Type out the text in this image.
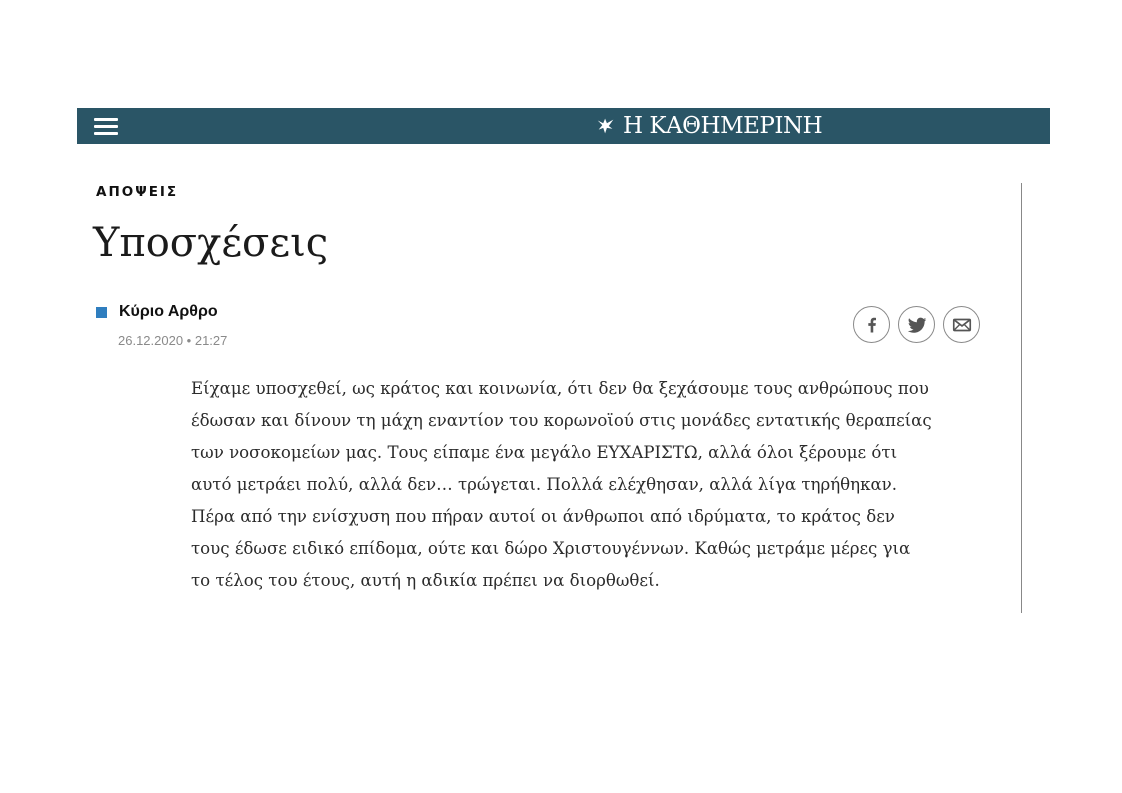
Η ΚΑΘΗΜΕΡΙΝΗ
ΑΠΟΨΕΙΣ
Υποσχέσεις
Κύριο Αρθρο
26.12.2020 • 21:27

Είχαμε υποσχεθεί, ως κράτος και κοινωνία, ότι δεν θα ξεχάσουμε τους ανθρώπους που
έδωσαν και δίνουν τη μάχη εναντίον του κορωνοϊού στις μονάδες εντατικής θεραπείας
των νοσοκομείων μας. Τους είπαμε ένα μεγάλο ΕΥΧΑΡΙΣΤΩ, αλλά όλοι ξέρουμε ότι
αυτό μετράει πολύ, αλλά δεν… τρώγεται. Πολλά ελέχθησαν, αλλά λίγα τηρήθηκαν.
Πέρα από την ενίσχυση που πήραν αυτοί οι άνθρωποι από ιδρύματα, το κράτος δεν
τους έδωσε ειδικό επίδομα, ούτε και δώρο Χριστουγέννων. Καθώς μετράμε μέρες για
το τέλος του έτους, αυτή η αδικία πρέπει να διορθωθεί.
